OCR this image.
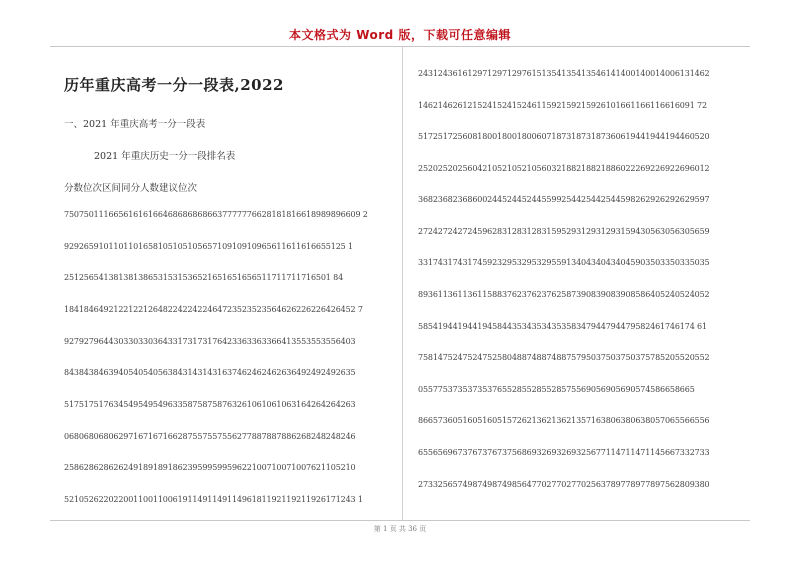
本文格式为 Word 版，下载可任意编辑
历年重庆高考一分一段表,2022
一、2021 年重庆高考一分一段表
2021 年重庆历史一分一段排名表
分数位次区间同分人数建议位次
750750111665616161664686868686637777776628181816618989896609 2
929265910110110165810510510565710910910965611611616655125 1
251256541381381386531531536521651651656511711711716501 84
18418464921221221264822422422464723523523564626226226426452 7
92792796443033033036433173173176423363363366413553553556403
84384384639405405405638431431431637462462462636492492492635
51751751763454954954963358758758763261061061063164264264263
06806806806297167167166287557557556277887887886268248248246
25862862862624918918918623959959959622100710071007621105210
52105262202200110011006191149114911496181192119211926171243 1
24312436161297129712976151354135413546141400140014006131462
14621462612152415241524611592159215926101661166116616091 72
51725172560818001800180060718731873187360619441944194460520
25202520256042105210521056032188218821886022269226922696012
36823682368600244524452445599254425442544598262926292629597
27242724272459628312831283159529312931293159430563056305659
33174317431745923295329532955913404340434045903503350335035
89361136113611588376237623762587390839083908586405240524052
58541944194419458443534353435358347944794479582461746174 61
75814752475247525804887488748875795037503750375785205520552
05577537353735376552855285528575569056905690574586658665
86657360516051605157262136213621357163806380638057065566556
65565696737673767375686932693269325677114711471145667332733
27332565749874987498564770277027702563789778977897562809380
第 1 页 共 36 页
